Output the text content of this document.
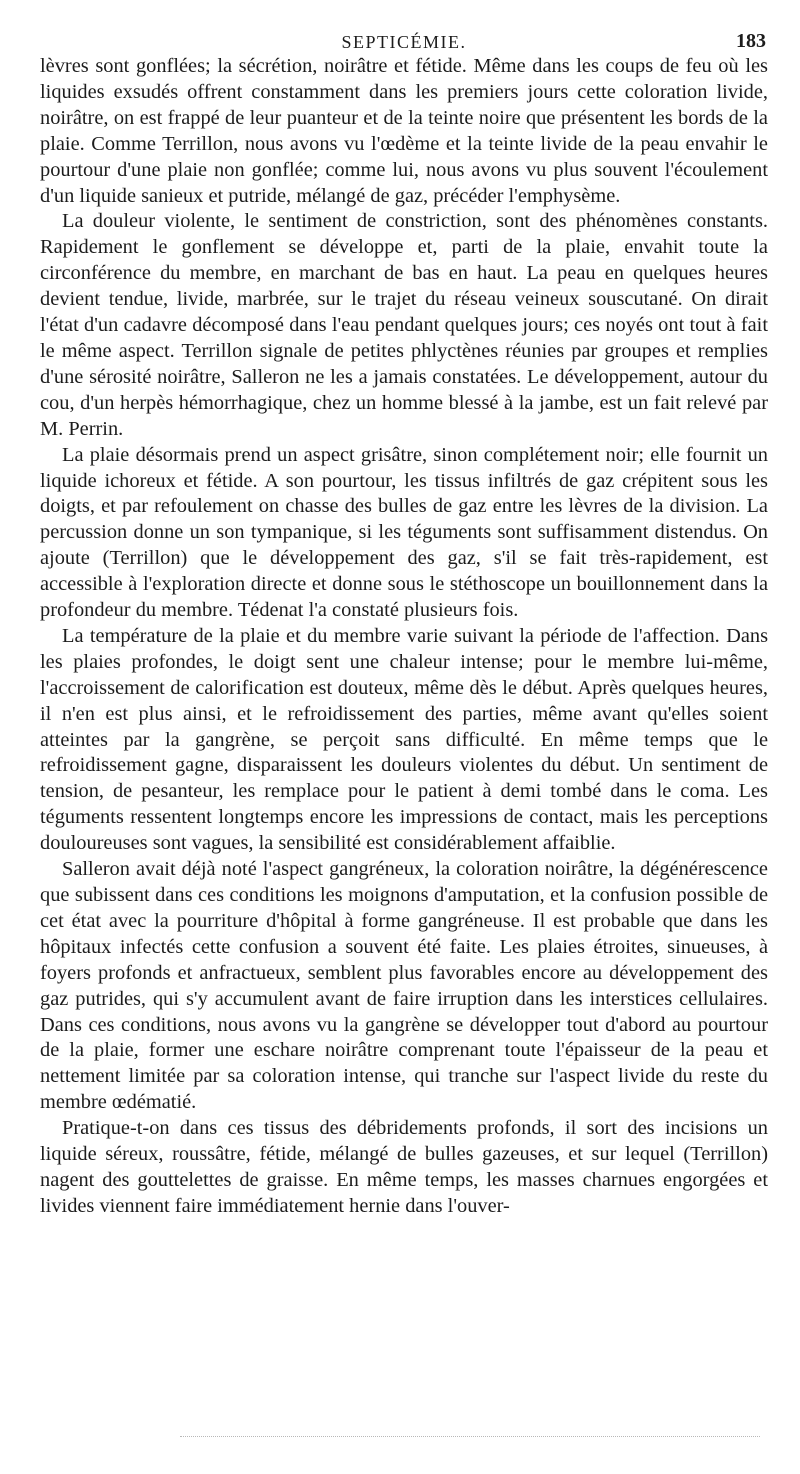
SEPTICÉMIE.	183

lèvres sont gonflées; la sécrétion, noirâtre et fétide. Même dans les coups de feu où les liquides exsudés offrent constamment dans les premiers jours cette coloration livide, noirâtre, on est frappé de leur puanteur et de la teinte noire que présentent les bords de la plaie. Comme Terrillon, nous avons vu l'œdème et la teinte livide de la peau envahir le pourtour d'une plaie non gonflée; comme lui, nous avons vu plus souvent l'écoulement d'un liquide sanieux et putride, mélangé de gaz, précéder l'emphysème.

La douleur violente, le sentiment de constriction, sont des phénomènes constants. Rapidement le gonflement se développe et, parti de la plaie, envahit toute la circonférence du membre, en marchant de bas en haut. La peau en quelques heures devient tendue, livide, marbrée, sur le trajet du réseau veineux souscutané. On dirait l'état d'un cadavre décomposé dans l'eau pendant quelques jours; ces noyés ont tout à fait le même aspect. Terrillon signale de petites phlyctènes réunies par groupes et remplies d'une sérosité noirâtre, Salleron ne les a jamais constatées. Le développement, autour du cou, d'un herpès hémorrhagique, chez un homme blessé à la jambe, est un fait relevé par M. Perrin.

La plaie désormais prend un aspect grisâtre, sinon complétement noir; elle fournit un liquide ichoreux et fétide. A son pourtour, les tissus infiltrés de gaz crépitent sous les doigts, et par refoulement on chasse des bulles de gaz entre les lèvres de la division. La percussion donne un son tympanique, si les téguments sont suffisamment distendus. On ajoute (Terrillon) que le développement des gaz, s'il se fait très-rapidement, est accessible à l'exploration directe et donne sous le stéthoscope un bouillonnement dans la profondeur du membre. Tédenat l'a constaté plusieurs fois.

La température de la plaie et du membre varie suivant la période de l'affection. Dans les plaies profondes, le doigt sent une chaleur intense; pour le membre lui-même, l'accroissement de calorification est douteux, même dès le début. Après quelques heures, il n'en est plus ainsi, et le refroidissement des parties, même avant qu'elles soient atteintes par la gangrène, se perçoit sans difficulté. En même temps que le refroidissement gagne, disparaissent les douleurs violentes du début. Un sentiment de tension, de pesanteur, les remplace pour le patient à demi tombé dans le coma. Les téguments ressentent longtemps encore les impressions de contact, mais les perceptions douloureuses sont vagues, la sensibilité est considérablement affaiblie.

Salleron avait déjà noté l'aspect gangréneux, la coloration noirâtre, la dégénérescence que subissent dans ces conditions les moignons d'amputation, et la confusion possible de cet état avec la pourriture d'hôpital à forme gangréneuse. Il est probable que dans les hôpitaux infectés cette confusion a souvent été faite. Les plaies étroites, sinueuses, à foyers profonds et anfractueux, semblent plus favorables encore au développement des gaz putrides, qui s'y accumulent avant de faire irruption dans les interstices cellulaires. Dans ces conditions, nous avons vu la gangrène se développer tout d'abord au pourtour de la plaie, former une eschare noirâtre comprenant toute l'épaisseur de la peau et nettement limitée par sa coloration intense, qui tranche sur l'aspect livide du reste du membre œdématié.

Pratique-t-on dans ces tissus des débridements profonds, il sort des incisions un liquide séreux, roussâtre, fétide, mélangé de bulles gazeuses, et sur lequel (Terrillon) nagent des gouttelettes de graisse. En même temps, les masses charnues engorgées et livides viennent faire immédiatement hernie dans l'ouver-
